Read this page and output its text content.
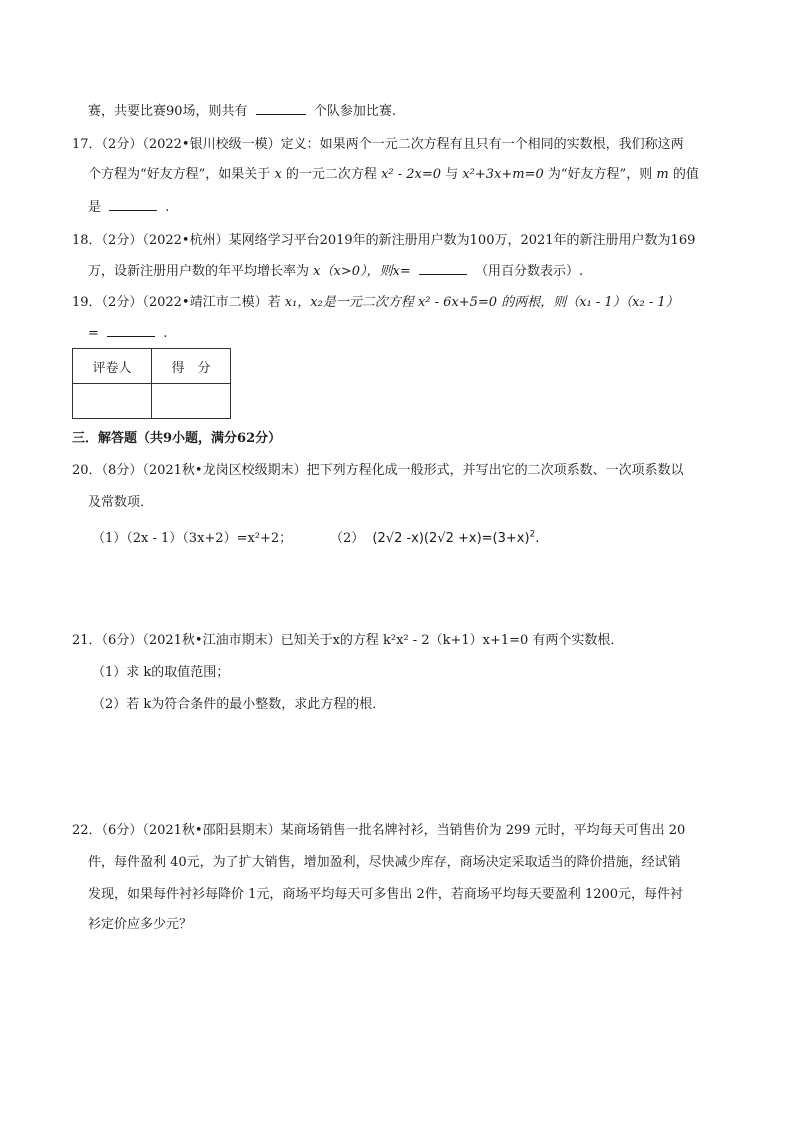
赛，共要比赛90场，则共有	个队参加比赛.
17．（2分）（2022•银川校级一模）定义：如果两个一元二次方程有且只有一个相同的实数根，我们称这两
个方程为“好友方程”，如果关于 x 的一元二次方程 x² - 2x=0 与 x²+3x+m=0 为“好友方程”，则 m 的值
是	.
18．（2分）（2022•杭州）某网络学习平台2019年的新注册用户数为100万，2021年的新注册用户数为169
万，设新注册用户数的年平均增长率为 x（x>0），则x=	（用百分数表示）.
19．（2分）（2022•靖江市二模）若 x₁，x₂是一元二次方程 x² - 6x+5=0 的两根，则（x₁ - 1）（x₂ - 1）
=	.
评卷人	得　分

三．解答题（共9小题，满分62分）
20．（8分）（2021秋•龙岗区校级期末）把下列方程化成一般形式，并写出它的二次项系数、一次项系数以
及常数项．
（1）（2x - 1）（3x+2）=x²+2；	（2） (2√2 $-x)(2√2 +x)=(3+x)^2$.
21．（6分）（2021秋•江油市期末）已知关于x的方程 k²x² - 2（k+1）x+1=0 有两个实数根．
（1）求 k的取值范围；
（2）若 k为符合条件的最小整数，求此方程的根．
22．（6分）（2021秋•邵阳县期末）某商场销售一批名牌衬衫，当销售价为 299 元时，平均每天可售出 20
件，每件盈利 40元，为了扩大销售，增加盈利，尽快减少库存，商场决定采取适当的降价措施，经试销
发现，如果每件衬衫每降价 1元，商场平均每天可多售出 2件，若商场平均每天要盈利 1200元，每件衬
衫定价应多少元？
